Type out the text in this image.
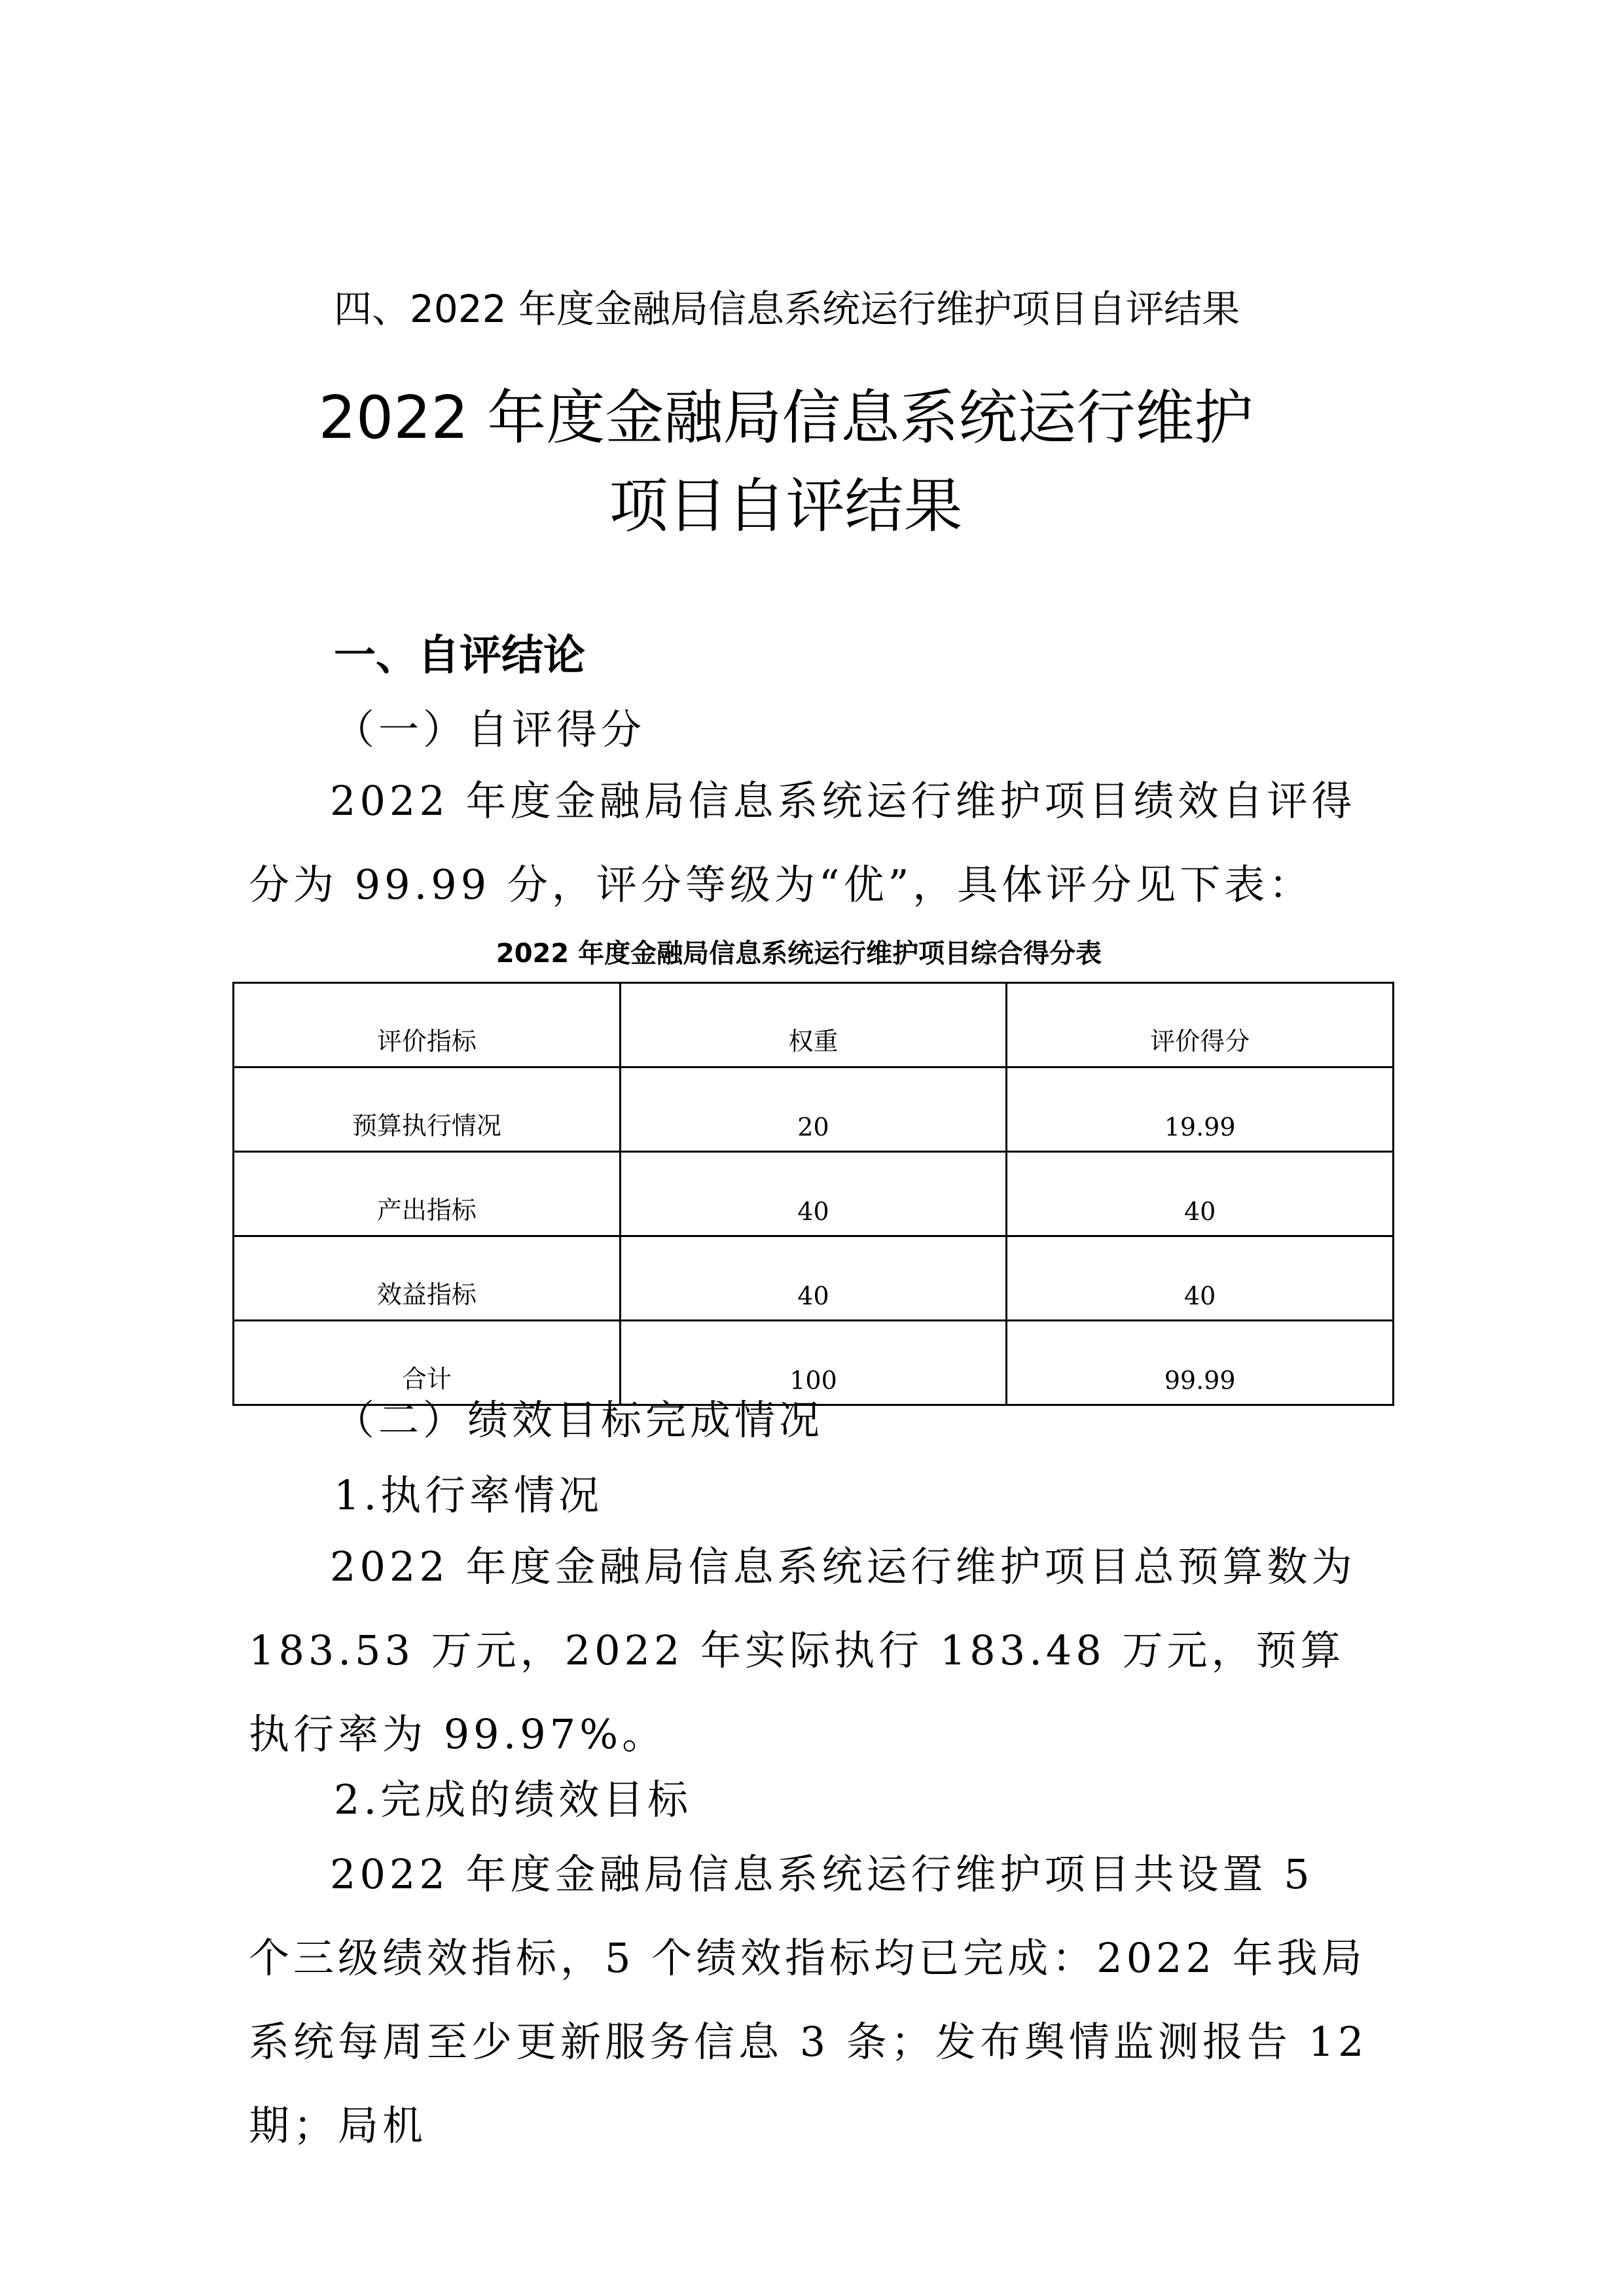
四、2022 年度金融局信息系统运行维护项目自评结果
2022 年度金融局信息系统运行维护
项目自评结果
一、自评结论
（一）自评得分
2022 年度金融局信息系统运行维护项目绩效自评得分为 99.99 分，评分等级为“优”，具体评分见下表：
2022 年度金融局信息系统运行维护项目综合得分表
评价指标	权重	评价得分
预算执行情况	20	19.99
产出指标	40	40
效益指标	40	40
合计	100	99.99
（二）绩效目标完成情况
1.执行率情况
2022 年度金融局信息系统运行维护项目总预算数为 183.53 万元，2022 年实际执行 183.48 万元，预算执行率为 99.97%。
2.完成的绩效目标
2022 年度金融局信息系统运行维护项目共设置 5 个三级绩效指标，5 个绩效指标均已完成：2022 年我局系统每周至少更新服务信息 3 条；发布舆情监测报告 12 期；局机
